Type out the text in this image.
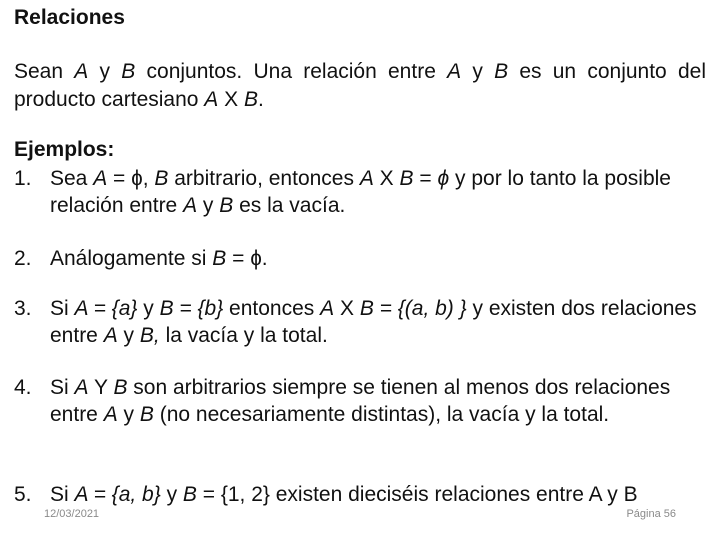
Relaciones
Sean A y B conjuntos. Una relación entre A y B es un conjunto del producto cartesiano A X B.
Ejemplos:
1. Sea A = ɸ, B arbitrario, entonces A X B = ϕ y por lo tanto la posible relación entre A y B es la vacía.
2. Análogamente si B = ɸ.
3. Si A = {a} y B = {b} entonces A X B = {(a, b) } y existen dos relaciones entre A y B, la vacía y la total.
4. Si A Y B son arbitrarios siempre se tienen al menos dos relaciones entre A y B (no necesariamente distintas), la vacía y la total.
5. Si A = {a, b} y B = {1, 2} existen dieciséis relaciones entre A y B
12/03/2021	Página 56
